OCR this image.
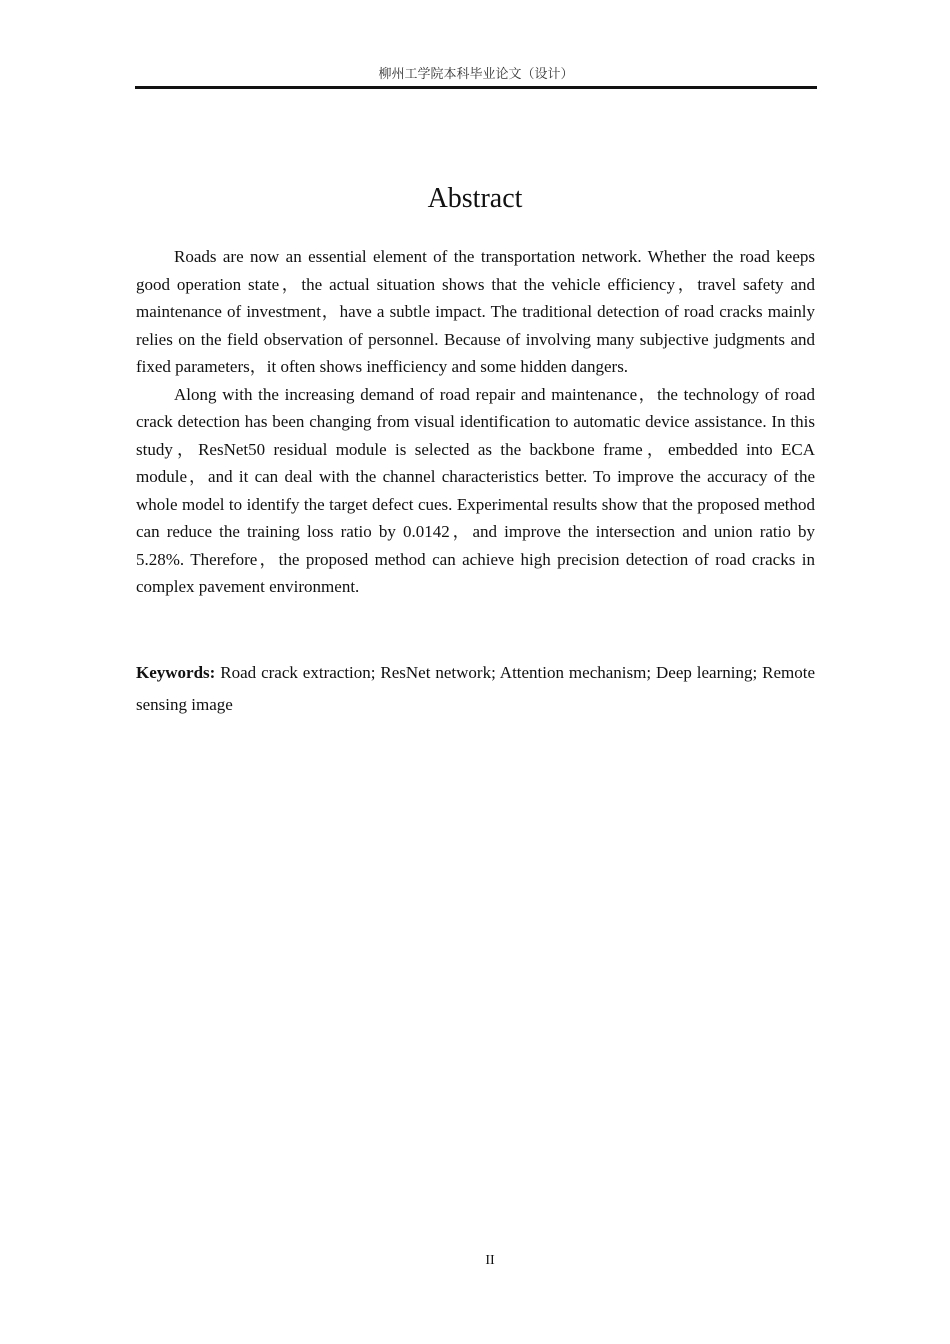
柳州工学院本科毕业论文（设计）
Abstract

Roads are now an essential element of the transportation network. Whether the road keeps good operation state，the actual situation shows that the vehicle efficiency，travel safety and maintenance of investment，have a subtle impact. The traditional detection of road cracks mainly relies on the field observation of personnel. Because of involving many subjective judgments and fixed parameters，it often shows inefficiency and some hidden dangers.

Along with the increasing demand of road repair and maintenance，the technology of road crack detection has been changing from visual identification to automatic device assistance. In this study，ResNet50 residual module is selected as the backbone frame，embedded into ECA module，and it can deal with the channel characteristics better. To improve the accuracy of the whole model to identify the target defect cues. Experimental results show that the proposed method can reduce the training loss ratio by 0.0142，and improve the intersection and union ratio by 5.28%. Therefore，the proposed method can achieve high precision detection of road cracks in complex pavement environment.

Keywords: Road crack extraction; ResNet network; Attention mechanism; Deep learning; Remote sensing image

II
